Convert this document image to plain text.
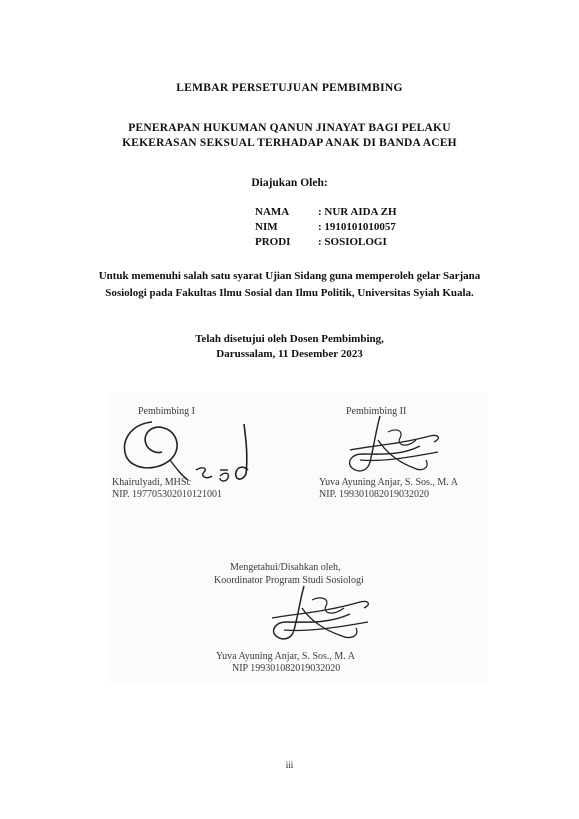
LEMBAR PERSETUJUAN PEMBIMBING
PENERAPAN HUKUMAN QANUN JINAYAT BAGI PELAKU
KEKERASAN SEKSUAL TERHADAP ANAK DI BANDA ACEH
Diajukan Oleh:
NAMA	: NUR AIDA ZH
NIM	: 1910101010057
PRODI	: SOSIOLOGI
Untuk memenuhi salah satu syarat Ujian Sidang guna memperoleh gelar Sarjana
Sosiologi pada Fakultas Ilmu Sosial dan Ilmu Politik, Universitas Syiah Kuala.
Telah disetujui oleh Dosen Pembimbing,
Darussalam, 11 Desember 2023
Pembimbing I
Khairulyadi, MHSc
NIP. 197705302010121001
Pembimbing II
Yuva Ayuning Anjar, S. Sos., M. A
NIP. 199301082019032020
Mengetahui/Disahkan oleh,
Koordinator Program Studi Sosiologi
Yuva Ayuning Anjar, S. Sos., M. A
NIP 199301082019032020
iii
